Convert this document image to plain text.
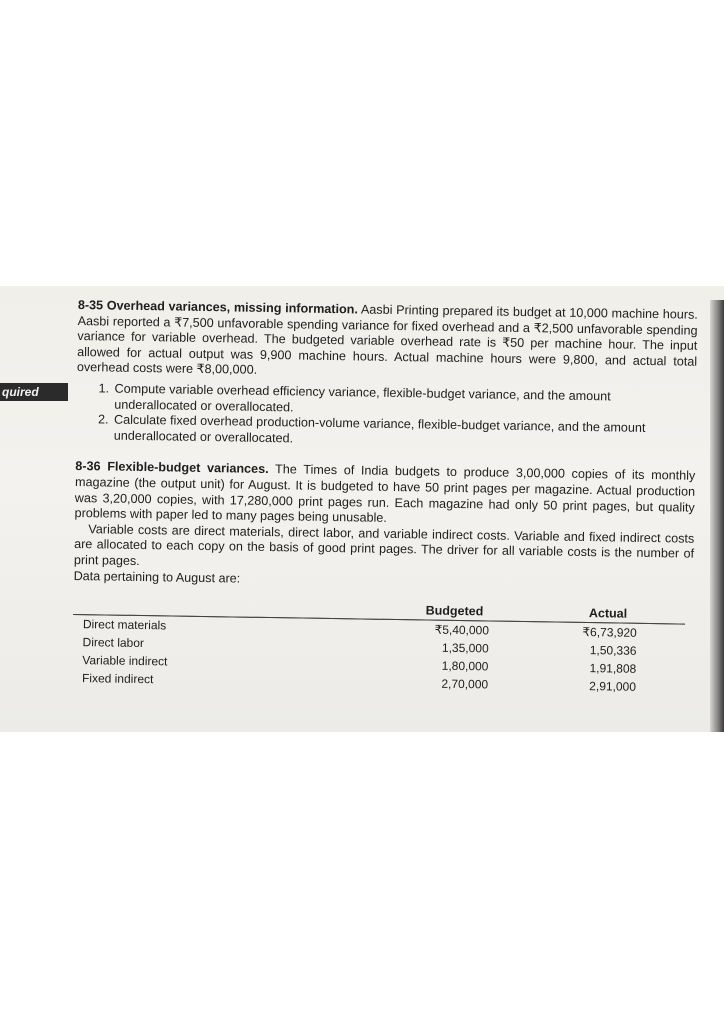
quired

8-35 Overhead variances, missing information. Aasbi Printing prepared its budget at 10,000 machine hours. Aasbi reported a ₹7,500 unfavorable spending variance for fixed overhead and a ₹2,500 unfavorable spending variance for variable overhead. The budgeted variable overhead rate is ₹50 per machine hour. The input allowed for actual output was 9,900 machine hours. Actual machine hours were 9,800, and actual total overhead costs were ₹8,00,000.

1. Compute variable overhead efficiency variance, flexible-budget variance, and the amount underallocated or overallocated.
2. Calculate fixed overhead production-volume variance, flexible-budget variance, and the amount underallocated or overallocated.

8-36 Flexible-budget variances. The Times of India budgets to produce 3,00,000 copies of its monthly magazine (the output unit) for August. It is budgeted to have 50 print pages per magazine. Actual production was 3,20,000 copies, with 17,280,000 print pages run. Each magazine had only 50 print pages, but quality problems with paper led to many pages being unusable.

Variable costs are direct materials, direct labor, and variable indirect costs. Variable and fixed indirect costs are allocated to each copy on the basis of good print pages. The driver for all variable costs is the number of print pages.

Data pertaining to August are:

	Budgeted	Actual
Direct materials	₹5,40,000	₹6,73,920
Direct labor	1,35,000	1,50,336
Variable indirect	1,80,000	1,91,808
Fixed indirect	2,70,000	2,91,000
